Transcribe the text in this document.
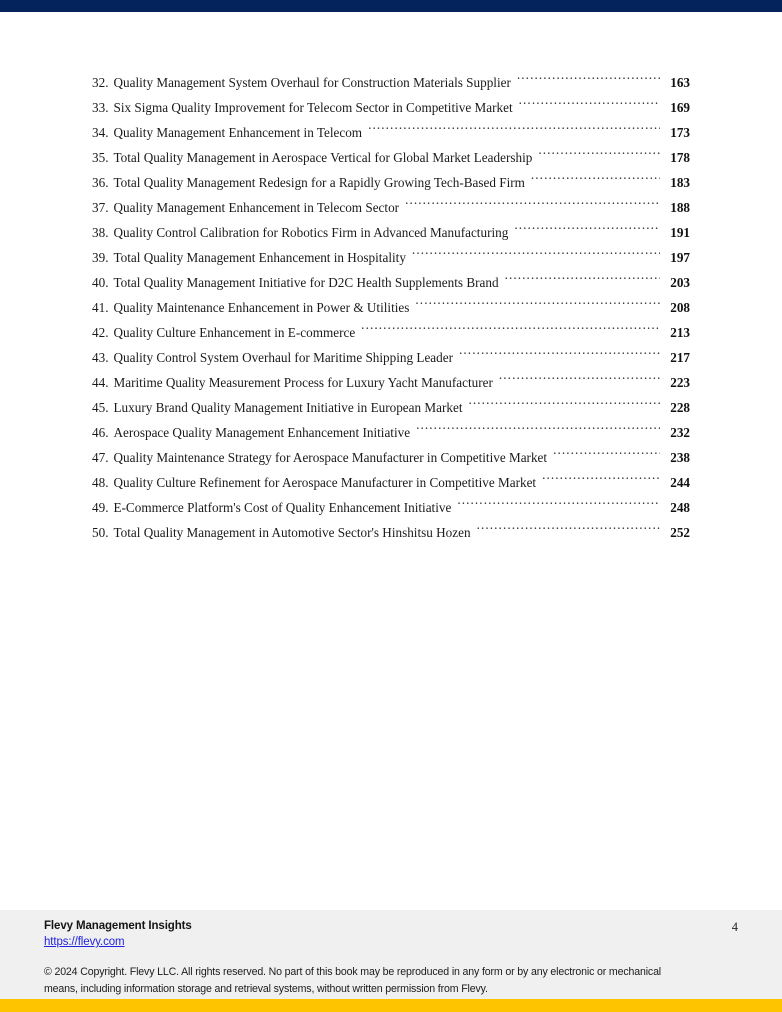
32. Quality Management System Overhaul for Construction Materials Supplier .....	163
33. Six Sigma Quality Improvement for Telecom Sector in Competitive Market .....	169
34. Quality Management Enhancement in Telecom .....	173
35. Total Quality Management in Aerospace Vertical for Global Market Leadership .....	178
36. Total Quality Management Redesign for a Rapidly Growing Tech-Based Firm .....	183
37. Quality Management Enhancement in Telecom Sector .....	188
38. Quality Control Calibration for Robotics Firm in Advanced Manufacturing .....	191
39. Total Quality Management Enhancement in Hospitality .....	197
40. Total Quality Management Initiative for D2C Health Supplements Brand .....	203
41. Quality Maintenance Enhancement in Power & Utilities .....	208
42. Quality Culture Enhancement in E-commerce .....	213
43. Quality Control System Overhaul for Maritime Shipping Leader .....	217
44. Maritime Quality Measurement Process for Luxury Yacht Manufacturer .....	223
45. Luxury Brand Quality Management Initiative in European Market .....	228
46. Aerospace Quality Management Enhancement Initiative .....	232
47. Quality Maintenance Strategy for Aerospace Manufacturer in Competitive Market .....	238
48. Quality Culture Refinement for Aerospace Manufacturer in Competitive Market .....	244
49. E-Commerce Platform's Cost of Quality Enhancement Initiative .....	248
50. Total Quality Management in Automotive Sector's Hinshitsu Hozen .....	252
Flevy Management Insights
https://flevy.com
4
© 2024 Copyright. Flevy LLC. All rights reserved. No part of this book may be reproduced in any form or by any electronic or mechanical means, including information storage and retrieval systems, without written permission from Flevy.
